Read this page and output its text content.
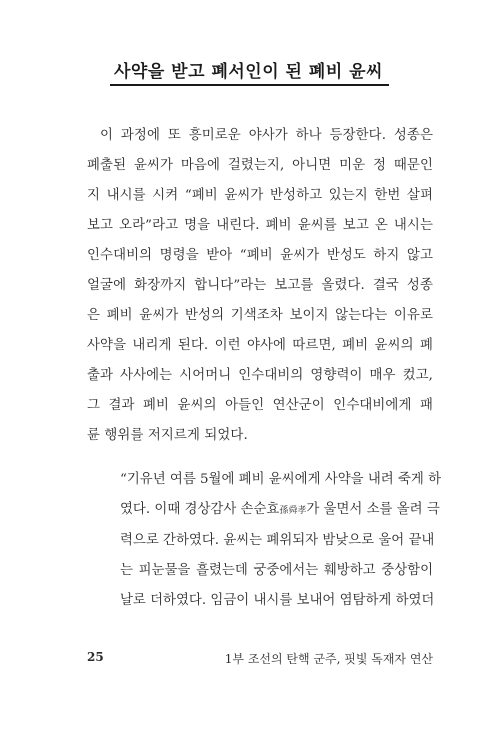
사약을 받고 폐서인이 된 폐비 윤씨
이 과정에 또 흥미로운 야사가 하나 등장한다. 성종은
폐출된 윤씨가 마음에 걸렸는지, 아니면 미운 정 때문인
지 내시를 시켜 “폐비 윤씨가 반성하고 있는지 한번 살펴
보고 오라”라고 명을 내린다. 폐비 윤씨를 보고 온 내시는
인수대비의 명령을 받아 “폐비 윤씨가 반성도 하지 않고
얼굴에 화장까지 합니다”라는 보고를 올렸다. 결국 성종
은 폐비 윤씨가 반성의 기색조차 보이지 않는다는 이유로
사약을 내리게 된다. 이런 야사에 따르면, 폐비 윤씨의 폐
출과 사사에는 시어머니 인수대비의 영향력이 매우 컸고,
그 결과 폐비 윤씨의 아들인 연산군이 인수대비에게 패
륜 행위를 저지르게 되었다.
“기유년 여름 5월에 폐비 윤씨에게 사약을 내려 죽게 하
였다. 이때 경상감사 손순효孫舜孝가 울면서 소를 올려 극
력으로 간하였다. 윤씨는 폐위되자 밤낮으로 울어 끝내
는 피눈물을 흘렸는데 궁중에서는 훼방하고 중상함이
날로 더하였다. 임금이 내시를 보내어 염탐하게 하였더
25	1부 조선의 탄핵 군주, 핏빛 독재자 연산
